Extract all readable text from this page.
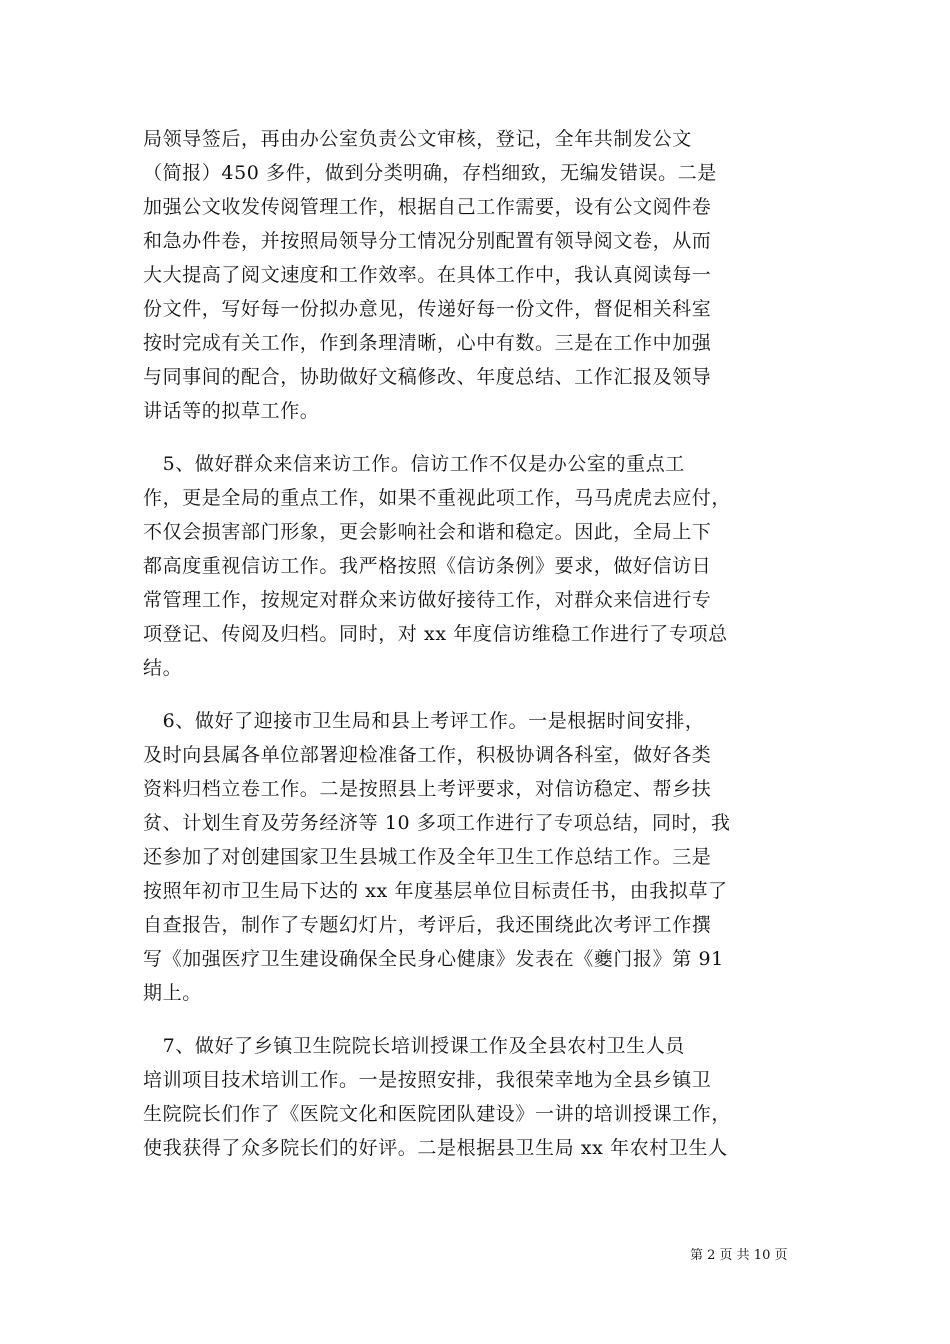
局领导签后，再由办公室负责公文审核，登记，全年共制发公文
（简报）450 多件，做到分类明确，存档细致，无编发错误。二是
加强公文收发传阅管理工作，根据自己工作需要，设有公文阅件卷
和急办件卷，并按照局领导分工情况分别配置有领导阅文卷，从而
大大提高了阅文速度和工作效率。在具体工作中，我认真阅读每一
份文件，写好每一份拟办意见，传递好每一份文件，督促相关科室
按时完成有关工作，作到条理清晰，心中有数。三是在工作中加强
与同事间的配合，协助做好文稿修改、年度总结、工作汇报及领导
讲话等的拟草工作。
　5、做好群众来信来访工作。信访工作不仅是办公室的重点工
作，更是全局的重点工作，如果不重视此项工作，马马虎虎去应付，
不仅会损害部门形象，更会影响社会和谐和稳定。因此，全局上下
都高度重视信访工作。我严格按照《信访条例》要求，做好信访日
常管理工作，按规定对群众来访做好接待工作，对群众来信进行专
项登记、传阅及归档。同时，对 xx 年度信访维稳工作进行了专项总
结。
　6、做好了迎接市卫生局和县上考评工作。一是根据时间安排，
及时向县属各单位部署迎检准备工作，积极协调各科室，做好各类
资料归档立卷工作。二是按照县上考评要求，对信访稳定、帮乡扶
贫、计划生育及劳务经济等 10 多项工作进行了专项总结，同时，我
还参加了对创建国家卫生县城工作及全年卫生工作总结工作。三是
按照年初市卫生局下达的 xx 年度基层单位目标责任书，由我拟草了
自查报告，制作了专题幻灯片，考评后，我还围绕此次考评工作撰
写《加强医疗卫生建设确保全民身心健康》发表在《夔门报》第 91
期上。
　7、做好了乡镇卫生院院长培训授课工作及全县农村卫生人员
培训项目技术培训工作。一是按照安排，我很荣幸地为全县乡镇卫
生院院长们作了《医院文化和医院团队建设》一讲的培训授课工作，
使我获得了众多院长们的好评。二是根据县卫生局 xx 年农村卫生人
第 2 页 共 10 页
